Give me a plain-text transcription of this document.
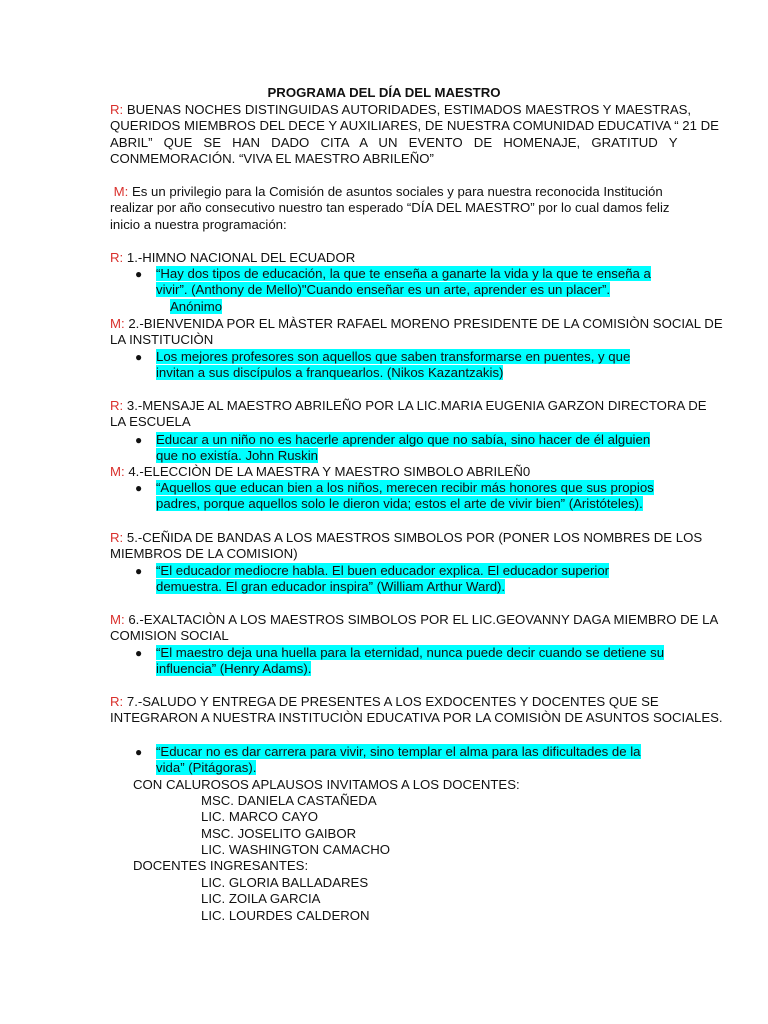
PROGRAMA DEL DÍA DEL MAESTRO
R: BUENAS NOCHES DISTINGUIDAS AUTORIDADES, ESTIMADOS MAESTROS Y MAESTRAS,
QUERIDOS MIEMBROS DEL DECE Y AUXILIARES, DE NUESTRA COMUNIDAD EDUCATIVA “ 21 DE
ABRIL” QUE SE HAN DADO CITA A UN EVENTO DE HOMENAJE, GRATITUD Y
CONMEMORACIÓN. “VIVA EL MAESTRO ABRILEÑO”
M: Es un privilegio para la Comisión de asuntos sociales y para nuestra reconocida Institución
realizar por año consecutivo nuestro tan esperado “DÍA DEL MAESTRO” por lo cual damos feliz
inicio a nuestra programación:
R: 1.-HIMNO NACIONAL DEL ECUADOR
● “Hay dos tipos de educación, la que te enseña a ganarte la vida y la que te enseña a
vivir”. (Anthony de Mello)"Cuando enseñar es un arte, aprender es un placer”.
Anónimo
M: 2.-BIENVENIDA POR EL MÀSTER RAFAEL MORENO PRESIDENTE DE LA COMISIÒN SOCIAL DE
LA INSTITUCIÒN
● Los mejores profesores son aquellos que saben transformarse en puentes, y que
invitan a sus discípulos a franquearlos. (Nikos Kazantzakis)
R: 3.-MENSAJE AL MAESTRO ABRILEÑO POR LA LIC.MARIA EUGENIA GARZON DIRECTORA DE
LA ESCUELA
● Educar a un niño no es hacerle aprender algo que no sabía, sino hacer de él alguien
que no existía. John Ruskin
M: 4.-ELECCIÒN DE LA MAESTRA Y MAESTRO SIMBOLO ABRILEÑ0
● “Aquellos que educan bien a los niños, merecen recibir más honores que sus propios
padres, porque aquellos solo le dieron vida; estos el arte de vivir bien” (Aristóteles).
R: 5.-CEÑIDA DE BANDAS A LOS MAESTROS SIMBOLOS POR (PONER LOS NOMBRES DE LOS
MIEMBROS DE LA COMISION)
● “El educador mediocre habla. El buen educador explica. El educador superior
demuestra. El gran educador inspira” (William Arthur Ward).
M: 6.-EXALTACIÒN A LOS MAESTROS SIMBOLOS POR EL LIC.GEOVANNY DAGA MIEMBRO DE LA
COMISION SOCIAL
● “El maestro deja una huella para la eternidad, nunca puede decir cuando se detiene su
influencia” (Henry Adams).
R: 7.-SALUDO Y ENTREGA DE PRESENTES A LOS EXDOCENTES Y DOCENTES QUE SE
INTEGRARON A NUESTRA INSTITUCIÒN EDUCATIVA POR LA COMISIÒN DE ASUNTOS SOCIALES.
● “Educar no es dar carrera para vivir, sino templar el alma para las dificultades de la
vida” (Pitágoras).
CON CALUROSOS APLAUSOS INVITAMOS A LOS DOCENTES:
MSC. DANIELA CASTAÑEDA
LIC. MARCO CAYO
MSC. JOSELITO GAIBOR
LIC. WASHINGTON CAMACHO
DOCENTES INGRESANTES:
LIC. GLORIA BALLADARES
LIC. ZOILA GARCIA
LIC. LOURDES CALDERON
